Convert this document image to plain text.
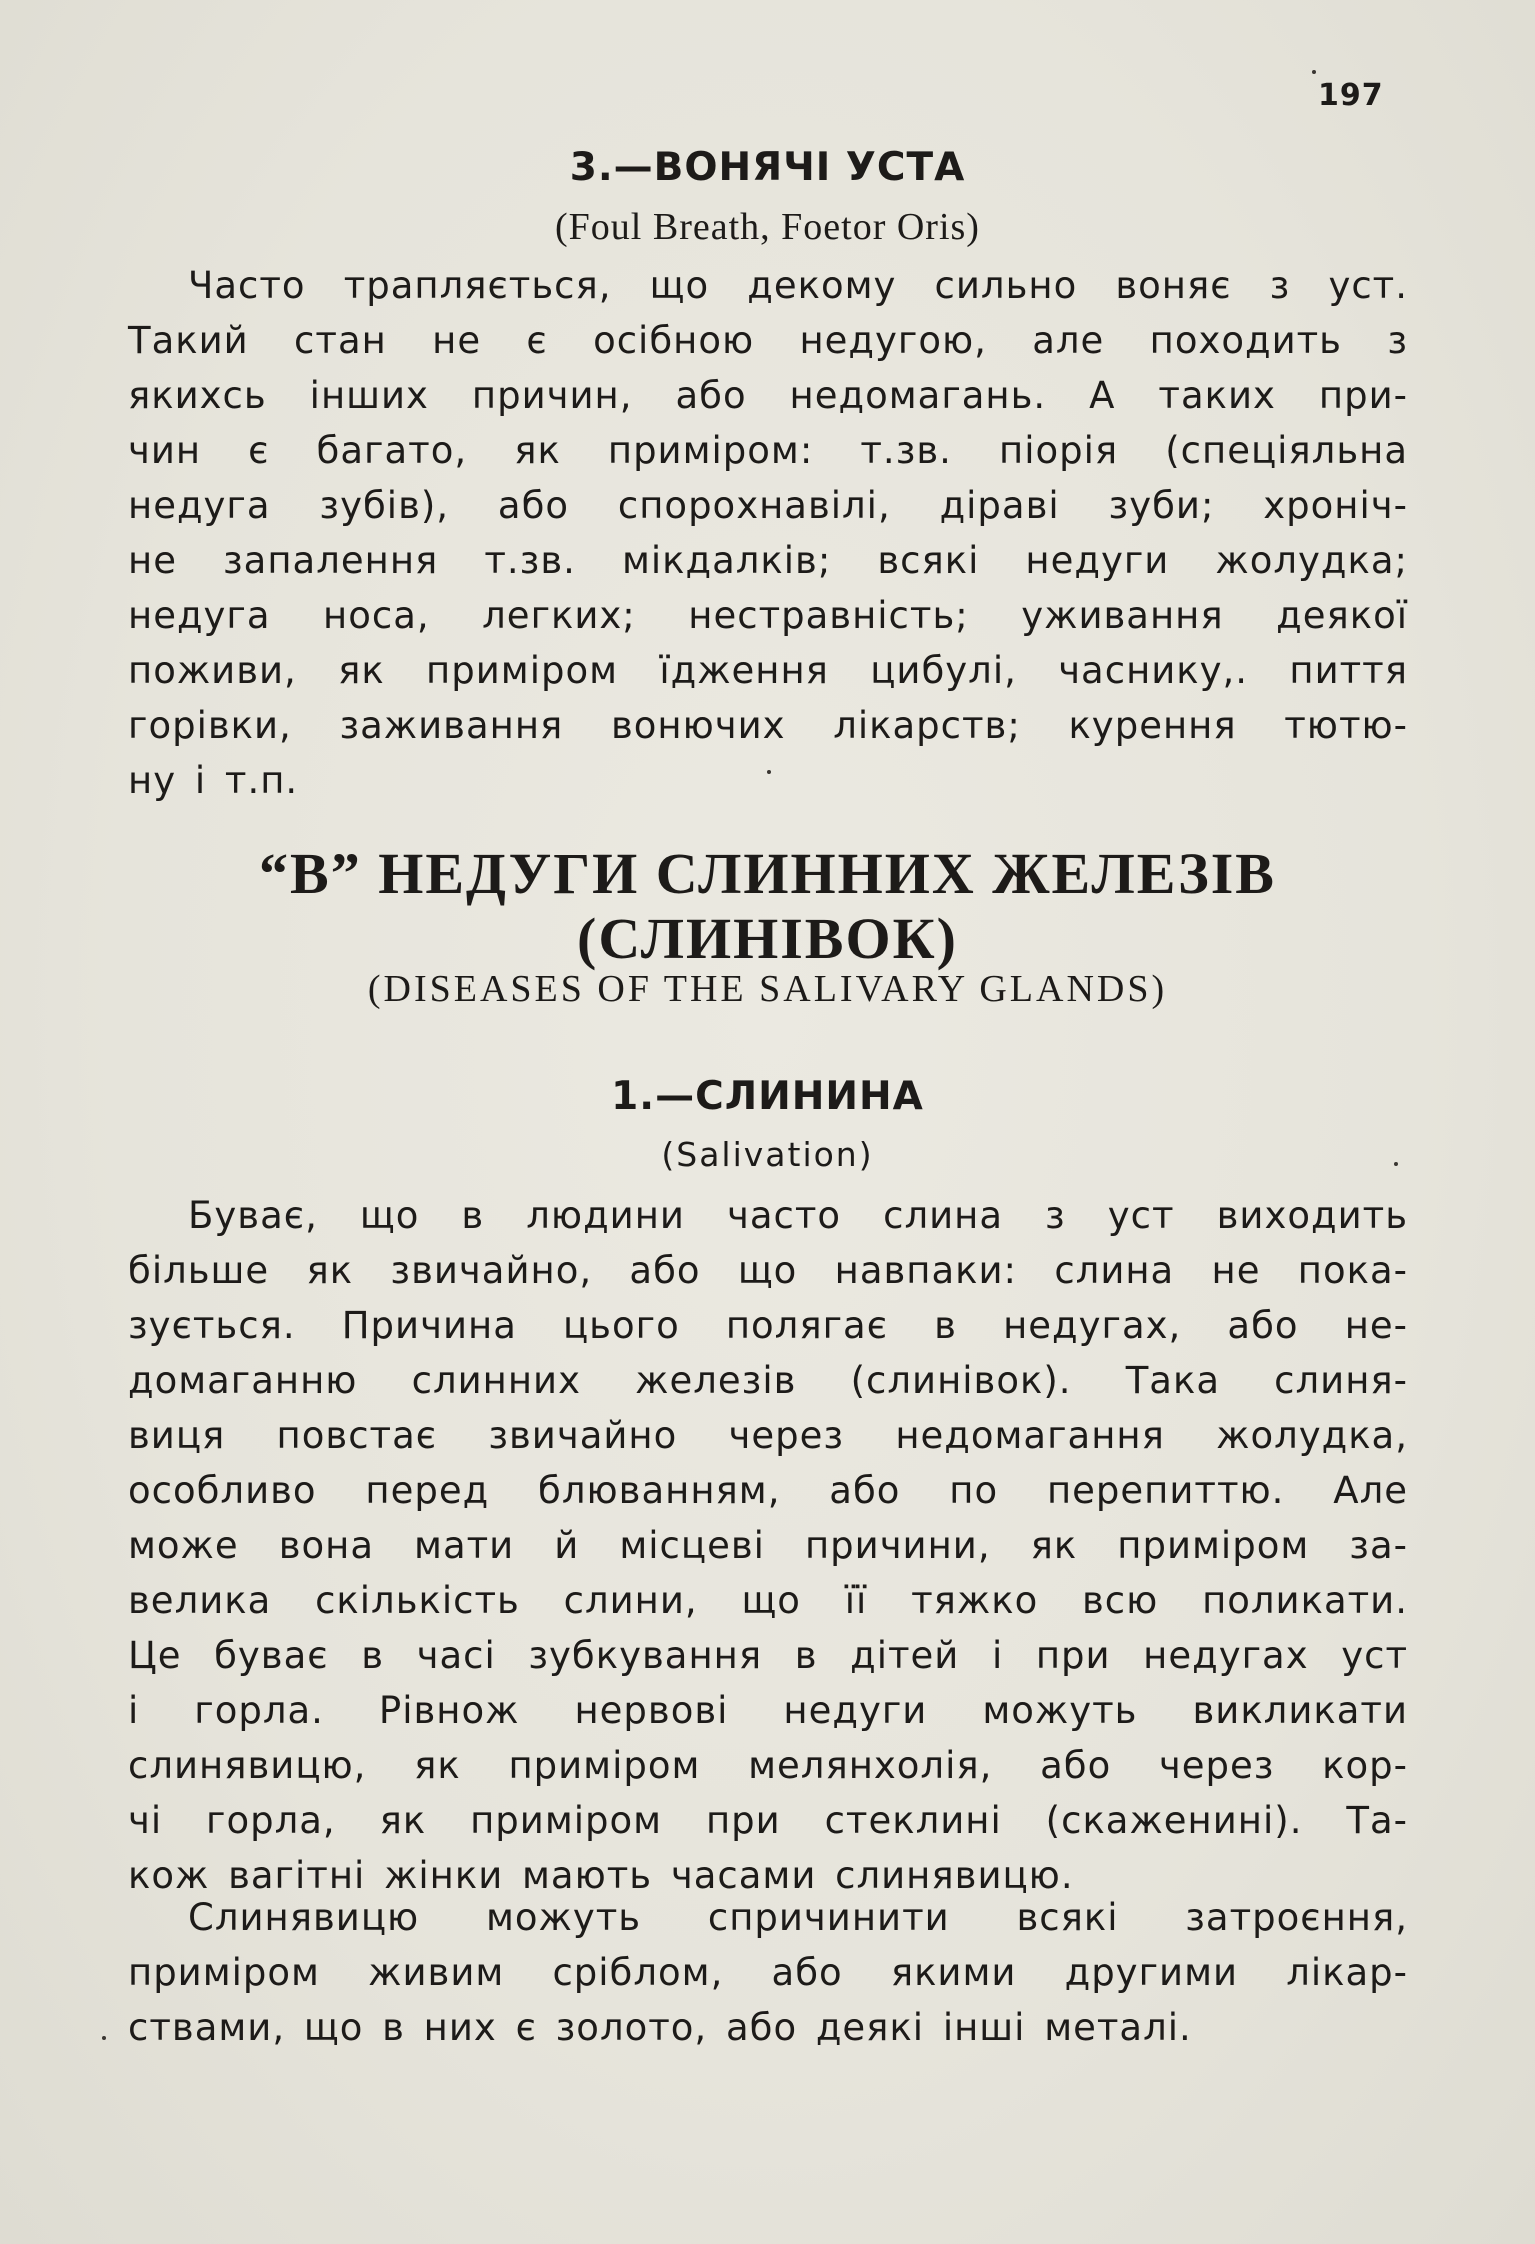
197
3.—ВОНЯЧІ УСТА
(Foul Breath, Foetor Oris)
Часто трапляється, що декому сильно воняє з уст.
Такий стан не є осібною недугою, але походить з
якихсь інших причин, або недомагань. А таких при-
чин є багато, як приміром: т.зв. піорія (спеціяльна
недуга зубів), або спорохнавілі, діраві зуби; хроніч-
не запалення т.зв. мікдалків; всякі недуги жолудка;
недуга носа, легких; нестравність; уживання деякої
поживи, як приміром їдження цибулі, часнику,. пиття
горівки, заживання вонючих лікарств; курення тютю-
ну і т.п.
“В” НЕДУГИ СЛИННИХ ЖЕЛЕЗІВ
(СЛИНІВОК)
(DISEASES OF THE SALIVARY GLANDS)
1.—СЛИНИНА
(Salivation)
Буває, що в людини часто слина з уст виходить
більше як звичайно, або що навпаки: слина не пока-
зується. Причина цього полягає в недугах, або не-
домаганню слинних железів (слинівок). Така слиня-
виця повстає звичайно через недомагання жолудка,
особливо перед блюванням, або по перепиттю. Але
може вона мати й місцеві причини, як приміром за-
велика скількість слини, що її тяжко всю поликати.
Це буває в часі зубкування в дітей і при недугах уст
і горла. Рівнож нервові недуги можуть викликати
слинявицю, як приміром мелянхолія, або через кор-
чі горла, як приміром при стеклині (скаженині). Та-
кож вагітні жінки мають часами слинявицю.
Слинявицю можуть спричинити всякі затроєння,
приміром живим сріблом, або якими другими лікар-
ствами, що в них є золото, або деякі інші металі.
